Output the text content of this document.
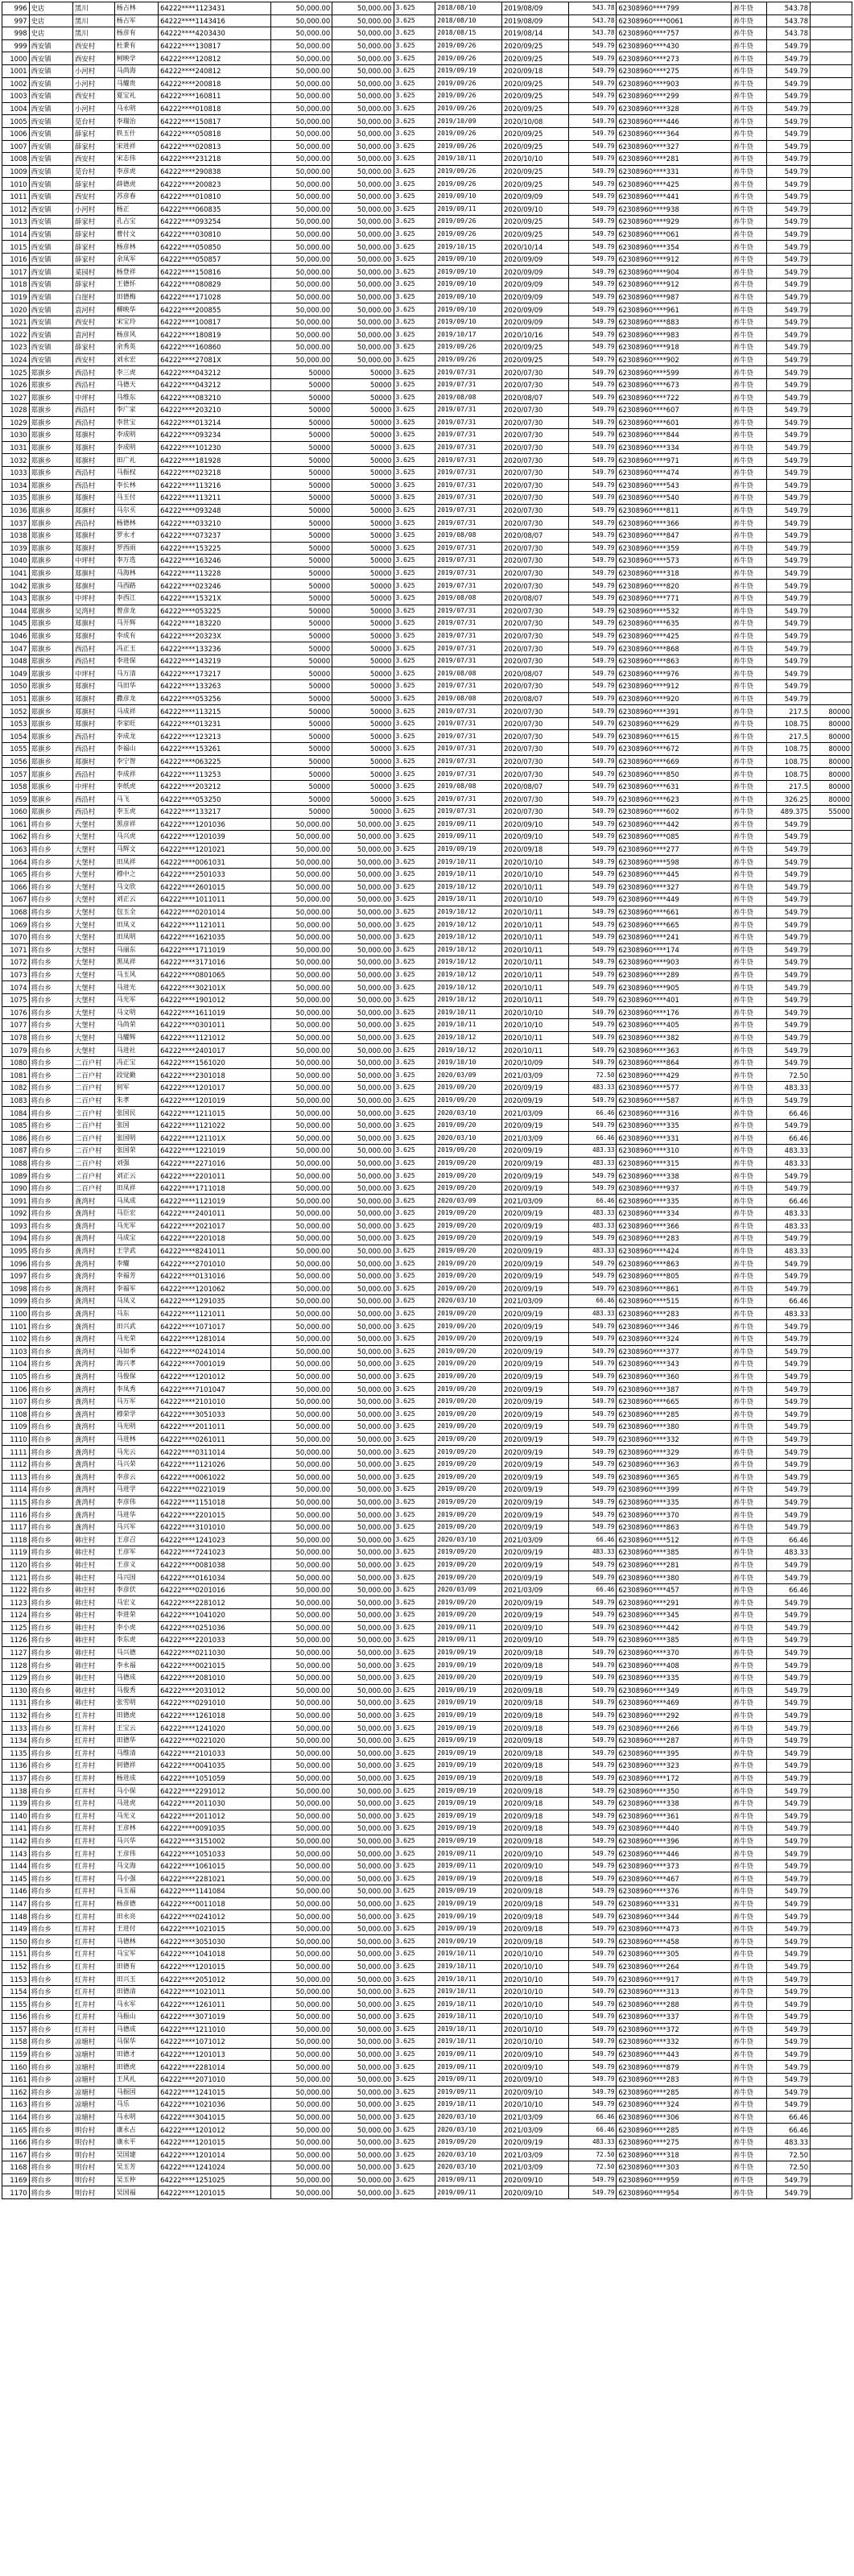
996	史店	黑川	杨占林	64222****1123431	50,000.00	50,000.00	3.625	2018/08/10	2019/08/09	543.78	62308960****799	养牛贷	543.78	
997	史店	黑川	杨占军	64222****1143416	50,000.00	50,000.00	3.625	2018/08/10	2019/08/09	543.78	62308960****0061	养牛贷	543.78	
998	史店	黑川	杨彦有	64222****4203430	50,000.00	50,000.00	3.625	2018/08/15	2019/08/14	543.78	62308960****757	养牛贷	543.78	
999	西安镇	西安村	杜秉有	64222****130817	50,000.00	50,000.00	3.625	2019/09/26	2020/09/25	549.79	62308960****430	养牛贷	549.79	
1000	西安镇	西安村	柯映学	64222****120812	50,000.00	50,000.00	3.625	2019/09/26	2020/09/25	549.79	62308960****273	养牛贷	549.79	
1001	西安镇	小河村	马尚海	64222****240812	50,000.00	50,000.00	3.625	2019/09/19	2020/09/18	549.79	62308960****275	养牛贷	549.79	
1002	西安镇	小河村	马耀贵	64222****200818	50,000.00	50,000.00	3.625	2019/09/26	2020/09/25	549.79	62308960****903	养牛贷	549.79	
1003	西安镇	西安村	夏宝礼	64222****160811	50,000.00	50,000.00	3.625	2019/09/26	2020/09/25	549.79	62308960****299	养牛贷	549.79	
1004	西安镇	小河村	马永明	64222****010818	50,000.00	50,000.00	3.625	2019/09/26	2020/09/25	549.79	62308960****328	养牛贷	549.79	
1005	西安镇	苋台村	李瑞治	64222****150817	50,000.00	50,000.00	3.625	2019/10/09	2020/10/08	549.79	62308960****446	养牛贷	549.79	
1006	西安镇	薛家村	轶玉什	64222****050818	50,000.00	50,000.00	3.625	2019/09/26	2020/09/25	549.79	62308960****364	养牛贷	549.79	
1007	西安镇	薛家村	宋进祥	64222****020813	50,000.00	50,000.00	3.625	2019/09/26	2020/09/25	549.79	62308960****327	养牛贷	549.79	
1008	西安镇	西安村	宋志伟	64222****231218	50,000.00	50,000.00	3.625	2019/10/11	2020/10/10	549.79	62308960****281	养牛贷	549.79	
1009	西安镇	苋台村	李彦虎	64222****290838	50,000.00	50,000.00	3.625	2019/09/26	2020/09/25	549.79	62308960****331	养牛贷	549.79	
1010	西安镇	薛家村	薛德虎	64222****200823	50,000.00	50,000.00	3.625	2019/09/26	2020/09/25	549.79	62308960****425	养牛贷	549.79	
1011	西安镇	西安村	苏彦春	64222****010810	50,000.00	50,000.00	3.625	2019/09/10	2020/09/09	549.79	62308960****441	养牛贷	549.79	
1012	西安镇	小河村	杨正	64222****060835	50,000.00	50,000.00	3.625	2019/09/11	2020/09/10	549.79	62308960****938	养牛贷	549.79	
1013	西安镇	薛家村	孔占宝	64222****093254	50,000.00	50,000.00	3.625	2019/09/26	2020/09/25	549.79	62308960****929	养牛贷	549.79	
1014	西安镇	薛家村	曹付文	64222****030810	50,000.00	50,000.00	3.625	2019/09/26	2020/09/25	549.79	62308960****061	养牛贷	549.79	
1015	西安镇	薛家村	杨彦林	64222****050850	50,000.00	50,000.00	3.625	2019/10/15	2020/10/14	549.79	62308960****354	养牛贷	549.79	
1016	西安镇	薛家村	余凤军	64222****050857	50,000.00	50,000.00	3.625	2019/09/10	2020/09/09	549.79	62308960****912	养牛贷	549.79	
1017	西安镇	菜园村	杨登祥	64222****150816	50,000.00	50,000.00	3.625	2019/09/10	2020/09/09	549.79	62308960****904	养牛贷	549.79	
1018	西安镇	薛家村	王德怀	64222****080829	50,000.00	50,000.00	3.625	2019/09/10	2020/09/09	549.79	62308960****912	养牛贷	549.79	
1019	西安镇	白崖村	田德梅	64222****171028	50,000.00	50,000.00	3.625	2019/09/10	2020/09/09	549.79	62308960****987	养牛贷	549.79	
1020	西安镇	袁河村	柳映华	64222****200855	50,000.00	50,000.00	3.625	2019/09/10	2020/09/09	549.79	62308960****961	养牛贷	549.79	
1021	西安镇	西安村	宋宝玲	64222****100817	50,000.00	50,000.00	3.625	2019/09/10	2020/09/09	549.79	62308960****883	养牛贷	549.79	
1022	西安镇	袁河村	杨彦风	64222****180819	50,000.00	50,000.00	3.625	2019/10/17	2020/10/16	549.79	62308960****983	养牛贷	549.79	
1023	西安镇	薛家村	余秀英	64222****160860	50,000.00	50,000.00	3.625	2019/09/26	2020/09/25	549.79	62308960****918	养牛贷	549.79	
1024	西安镇	西安村	刘永宏	64222****27081X	50,000.00	50,000.00	3.625	2019/09/26	2020/09/25	549.79	62308960****902	养牛贷	549.79	
1025	郑旗乡	西沿村	李三虎	64222****043212	50000	50000	3.625	2019/07/31	2020/07/30	549.79	62308960****599	养牛贷	549.79	
1026	郑旗乡	西沿村	马德天	64222****043212	50000	50000	3.625	2019/07/31	2020/07/30	549.79	62308960****673	养牛贷	549.79	
1027	郑旗乡	中坪村	马维东	64222****083210	50000	50000	3.625	2019/08/08	2020/08/07	549.79	62308960****722	养牛贷	549.79	
1028	郑旗乡	西沿村	李广家	64222****203210	50000	50000	3.625	2019/07/31	2020/07/30	549.79	62308960****607	养牛贷	549.79	
1029	郑旗乡	西沿村	李世宝	64222****013214	50000	50000	3.625	2019/07/31	2020/07/30	549.79	62308960****601	养牛贷	549.79	
1030	郑旗乡	郑旗村	李成明	64222****093234	50000	50000	3.625	2019/07/31	2020/07/30	549.79	62308960****844	养牛贷	549.79	
1031	郑旗乡	郑旗村	李成明	64222****101230	50000	50000	3.625	2019/07/31	2020/07/30	549.79	62308960****334	养牛贷	549.79	
1032	郑旗乡	郑旗村	田广礼	64222****181928	50000	50000	3.625	2019/07/31	2020/07/30	549.79	62308960****971	养牛贷	549.79	
1033	郑旗乡	西沿村	马振权	64222****023218	50000	50000	3.625	2019/07/31	2020/07/30	549.79	62308960****474	养牛贷	549.79	
1034	郑旗乡	西沿村	李长林	64222****113216	50000	50000	3.625	2019/07/31	2020/07/30	549.79	62308960****543	养牛贷	549.79	
1035	郑旗乡	郑旗村	马玉付	64222****113211	50000	50000	3.625	2019/07/31	2020/07/30	549.79	62308960****540	养牛贷	549.79	
1036	郑旗乡	郑旗村	马尔买	64222****093248	50000	50000	3.625	2019/07/31	2020/07/30	549.79	62308960****811	养牛贷	549.79	
1037	郑旗乡	西沿村	杨德林	64222****033210	50000	50000	3.625	2019/07/31	2020/07/30	549.79	62308960****366	养牛贷	549.79	
1038	郑旗乡	郑旗村	罗永才	64222****073237	50000	50000	3.625	2019/08/08	2020/08/07	549.79	62308960****847	养牛贷	549.79	
1039	郑旗乡	郑旗村	罗西雨	64222****153225	50000	50000	3.625	2019/07/31	2020/07/30	549.79	62308960****359	养牛贷	549.79	
1040	郑旗乡	中坪村	李万选	64222****163246	50000	50000	3.625	2019/07/31	2020/07/30	549.79	62308960****573	养牛贷	549.79	
1041	郑旗乡	郑旗村	马海林	64222****113228	50000	50000	3.625	2019/07/31	2020/07/30	549.79	62308960****318	养牛贷	549.79	
1042	郑旗乡	郑旗村	马西路	64222****023246	50000	50000	3.625	2019/07/31	2020/07/30	549.79	62308960****820	养牛贷	549.79	
1043	郑旗乡	中坪村	李西江	64222****15321X	50000	50000	3.625	2019/08/08	2020/08/07	549.79	62308960****771	养牛贷	549.79	
1044	郑旗乡	吴湾村	曾彦龙	64222****053225	50000	50000	3.625	2019/07/31	2020/07/30	549.79	62308960****532	养牛贷	549.79	
1045	郑旗乡	郑旗村	马开辉	64222****183220	50000	50000	3.625	2019/07/31	2020/07/30	549.79	62308960****635	养牛贷	549.79	
1046	郑旗乡	郑旗村	李成有	64222****20323X	50000	50000	3.625	2019/07/31	2020/07/30	549.79	62308960****425	养牛贷	549.79	
1047	郑旗乡	西沿村	冯正玉	64222****133236	50000	50000	3.625	2019/07/31	2020/07/30	549.79	62308960****868	养牛贷	549.79	
1048	郑旗乡	西沿村	李进保	64222****143219	50000	50000	3.625	2019/07/31	2020/07/30	549.79	62308960****863	养牛贷	549.79	
1049	郑旗乡	中坪村	马万清	64222****173217	50000	50000	3.625	2019/08/08	2020/08/07	549.79	62308960****976	养牛贷	549.79	
1050	郑旗乡	郑旗村	马田华	64222****133263	50000	50000	3.625	2019/07/31	2020/07/30	549.79	62308960****912	养牛贷	549.79	
1051	郑旗乡	郑旗村	撒彦龙	64222****053256	50000	50000	3.625	2019/08/08	2020/08/07	549.79	62308960****920	养牛贷	549.79	
1052	郑旗乡	郑旗村	马成祥	64222****113215	50000	50000	3.625	2019/07/31	2020/07/30	549.79	62308960****391	养牛贷	217.5	80000
1053	郑旗乡	郑旗村	李家旺	64222****013231	50000	50000	3.625	2019/07/31	2020/07/30	549.79	62308960****629	养牛贷	108.75	80000
1054	郑旗乡	西沿村	李成龙	64222****123213	50000	50000	3.625	2019/07/31	2020/07/30	549.79	62308960****615	养牛贷	217.5	80000
1055	郑旗乡	西沿村	李福山	64222****153261	50000	50000	3.625	2019/07/31	2020/07/30	549.79	62308960****672	养牛贷	108.75	80000
1056	郑旗乡	郑旗村	李宁智	64222****063225	50000	50000	3.625	2019/07/31	2020/07/30	549.79	62308960****669	养牛贷	108.75	80000
1057	郑旗乡	西沿村	李成祥	64222****113253	50000	50000	3.625	2019/07/31	2020/07/30	549.79	62308960****850	养牛贷	108.75	80000
1058	郑旗乡	中坪村	李纸虎	64222****203212	50000	50000	3.625	2019/08/08	2020/08/07	549.79	62308960****631	养牛贷	217.5	80000
1059	郑旗乡	西沿村	马飞	64222****053250	50000	50000	3.625	2019/07/31	2020/07/30	549.79	62308960****623	养牛贷	326.25	80000
1060	郑旗乡	西沿村	李玉虎	64222****133217	50000	50000	3.625	2019/07/31	2020/07/30	549.79	62308960****602	养牛贷	489.375	55000
1061	将台乡	大堡村	黑彦祥	64222****1201036	50,000.00	50,000.00	3.625	2019/09/11	2020/09/10	549.79	62308960****442	养牛贷	549.79	
1062	将台乡	大堡村	马兴虎	64222****1201039	50,000.00	50,000.00	3.625	2019/09/11	2020/09/10	549.79	62308960****085	养牛贷	549.79	
1063	将台乡	大堡村	马辉文	64222****1201021	50,000.00	50,000.00	3.625	2019/09/19	2020/09/18	549.79	62308960****277	养牛贷	549.79	
1064	将台乡	大堡村	田凤祥	64222****0061031	50,000.00	50,000.00	3.625	2019/10/11	2020/10/10	549.79	62308960****598	养牛贷	549.79	
1065	将台乡	大堡村	穆中之	64222****2501033	50,000.00	50,000.00	3.625	2019/10/11	2020/10/10	549.79	62308960****445	养牛贷	549.79	
1066	将台乡	大堡村	马文欣	64222****2601015	50,000.00	50,000.00	3.625	2019/10/12	2020/10/11	549.79	62308960****327	养牛贷	549.79	
1067	将台乡	大堡村	刘正云	64222****1011011	50,000.00	50,000.00	3.625	2019/10/11	2020/10/10	549.79	62308960****449	养牛贷	549.79	
1068	将台乡	大堡村	包玉全	64222****0201014	50,000.00	50,000.00	3.625	2019/10/12	2020/10/11	549.79	62308960****661	养牛贷	549.79	
1069	将台乡	大堡村	田凤义	64222****1121011	50,000.00	50,000.00	3.625	2019/10/12	2020/10/11	549.79	62308960****665	养牛贷	549.79	
1070	将台乡	大堡村	田凤明	64222****1621035	50,000.00	50,000.00	3.625	2019/10/12	2020/10/11	549.79	62308960****241	养牛贷	549.79	
1071	将台乡	大堡村	马丽东	64222****1711019	50,000.00	50,000.00	3.625	2019/10/12	2020/10/11	549.79	62308960****174	养牛贷	549.79	
1072	将台乡	大堡村	黑凤祥	64222****3171016	50,000.00	50,000.00	3.625	2019/10/12	2020/10/11	549.79	62308960****903	养牛贷	549.79	
1073	将台乡	大堡村	马玉风	64222****0801065	50,000.00	50,000.00	3.625	2019/10/12	2020/10/11	549.79	62308960****289	养牛贷	549.79	
1074	将台乡	大堡村	马进光	64222****302101X	50,000.00	50,000.00	3.625	2019/10/12	2020/10/11	549.79	62308960****905	养牛贷	549.79	
1075	将台乡	大堡村	马光军	64222****1901012	50,000.00	50,000.00	3.625	2019/10/12	2020/10/11	549.79	62308960****401	养牛贷	549.79	
1076	将台乡	大堡村	马文明	64222****1611019	50,000.00	50,000.00	3.625	2019/10/11	2020/10/10	549.79	62308960****176	养牛贷	549.79	
1077	将台乡	大堡村	马尚荣	64222****0301011	50,000.00	50,000.00	3.625	2019/10/11	2020/10/10	549.79	62308960****405	养牛贷	549.79	
1078	将台乡	大堡村	马耀辉	64222****1121012	50,000.00	50,000.00	3.625	2019/10/12	2020/10/11	549.79	62308960****382	养牛贷	549.79	
1079	将台乡	大堡村	马进社	64222****2401017	50,000.00	50,000.00	3.625	2019/10/12	2020/10/11	549.79	62308960****363	养牛贷	549.79	
1080	将台乡	二百户村	冯正宝	64222****1561020	50,000.00	50,000.00	3.625	2019/10/10	2020/10/09	549.79	62308960****864	养牛贷	549.79	
1081	将台乡	二百户村	段觉勤	64222****2301018	50,000.00	50,000.00	3.625	2020/03/09	2021/03/09	72.50	62308960****429	养牛贷	72.50	
1082	将台乡	二百户村	何军	64222****1201017	50,000.00	50,000.00	3.625	2019/09/20	2020/09/19	483.33	62308960****577	养牛贷	483.33	
1083	将台乡	二百户村	朱孝	64222****1201019	50,000.00	50,000.00	3.625	2019/09/20	2020/09/19	549.79	62308960****587	养牛贷	549.79	
1084	将台乡	二百户村	张国民	64222****1211015	50,000.00	50,000.00	3.625	2020/03/10	2021/03/09	66.46	62308960****316	养牛贷	66.46	
1085	将台乡	二百户村	张国	64222****1121022	50,000.00	50,000.00	3.625	2019/09/20	2020/09/19	549.79	62308960****335	养牛贷	549.79	
1086	将台乡	二百户村	张国明	64222****121101X	50,000.00	50,000.00	3.625	2020/03/10	2021/03/09	66.46	62308960****331	养牛贷	66.46	
1087	将台乡	二百户村	张国荣	64222****1221019	50,000.00	50,000.00	3.625	2019/09/20	2020/09/19	483.33	62308960****310	养牛贷	483.33	
1088	将台乡	二百户村	刘强	64222****2271016	50,000.00	50,000.00	3.625	2019/09/20	2020/09/19	483.33	62308960****315	养牛贷	483.33	
1089	将台乡	二百户村	刘正云	64222****2201011	50,000.00	50,000.00	3.625	2019/09/20	2020/09/19	549.79	62308960****338	养牛贷	549.79	
1090	将台乡	二百户村	田凤祥	64222****1711018	50,000.00	50,000.00	3.625	2019/09/20	2020/09/19	549.79	62308960****937	养牛贷	549.79	
1091	将台乡	龚湾村	马凤成	64222****1121019	50,000.00	50,000.00	3.625	2020/03/09	2021/03/09	66.46	62308960****335	养牛贷	66.46	
1092	将台乡	龚湾村	马臣宏	64222****2401011	50,000.00	50,000.00	3.625	2019/09/20	2020/09/19	483.33	62308960****334	养牛贷	483.33	
1093	将台乡	龚湾村	马光军	64222****2021017	50,000.00	50,000.00	3.625	2019/09/20	2020/09/19	483.33	62308960****366	养牛贷	483.33	
1094	将台乡	龚湾村	马成宝	64222****2201018	50,000.00	50,000.00	3.625	2019/09/20	2020/09/19	549.79	62308960****283	养牛贷	549.79	
1095	将台乡	龚湾村	王学武	64222****8241011	50,000.00	50,000.00	3.625	2019/09/20	2020/09/19	483.33	62308960****424	养牛贷	483.33	
1096	将台乡	龚湾村	李耀	64222****2701010	50,000.00	50,000.00	3.625	2019/09/20	2020/09/19	549.79	62308960****863	养牛贷	549.79	
1097	将台乡	龚湾村	李福芳	64222****0131016	50,000.00	50,000.00	3.625	2019/09/20	2020/09/19	549.79	62308960****805	养牛贷	549.79	
1098	将台乡	龚湾村	李福军	64222****1201062	50,000.00	50,000.00	3.625	2019/09/20	2020/09/19	549.79	62308960****861	养牛贷	549.79	
1099	将台乡	龚湾村	马凤义	64222****1291035	50,000.00	50,000.00	3.625	2020/03/10	2021/03/09	66.46	62308960****515	养牛贷	66.46	
1100	将台乡	龚湾村	马东	64222****1121011	50,000.00	50,000.00	3.625	2019/09/20	2020/09/19	483.33	62308960****283	养牛贷	483.33	
1101	将台乡	龚湾村	田兴武	64222****1071017	50,000.00	50,000.00	3.625	2019/09/20	2020/09/19	549.79	62308960****346	养牛贷	549.79	
1102	将台乡	龚湾村	马光荣	64222****1281014	50,000.00	50,000.00	3.625	2019/09/20	2020/09/19	549.79	62308960****324	养牛贷	549.79	
1103	将台乡	龚湾村	马如季	64222****0241014	50,000.00	50,000.00	3.625	2019/09/20	2020/09/19	549.79	62308960****377	养牛贷	549.79	
1104	将台乡	龚湾村	海兴孝	64222****7001019	50,000.00	50,000.00	3.625	2019/09/20	2020/09/19	549.79	62308960****343	养牛贷	549.79	
1105	将台乡	龚湾村	马俊保	64222****1201012	50,000.00	50,000.00	3.625	2019/09/20	2020/09/19	549.79	62308960****360	养牛贷	549.79	
1106	将台乡	龚湾村	李凤秀	64222****7101047	50,000.00	50,000.00	3.625	2019/09/20	2020/09/19	549.79	62308960****387	养牛贷	549.79	
1107	将台乡	龚湾村	马万军	64222****2101010	50,000.00	50,000.00	3.625	2019/09/20	2020/09/19	549.79	62308960****665	养牛贷	549.79	
1108	将台乡	龚湾村	穆荣学	64222****3051033	50,000.00	50,000.00	3.625	2019/09/20	2020/09/19	549.79	62308960****285	养牛贷	549.79	
1109	将台乡	龚湾村	马光明	64222****2011011	50,000.00	50,000.00	3.625	2019/09/20	2020/09/19	549.79	62308960****380	养牛贷	549.79	
1110	将台乡	龚湾村	马进林	64222****0261011	50,000.00	50,000.00	3.625	2019/09/20	2020/09/19	549.79	62308960****332	养牛贷	549.79	
1111	将台乡	龚湾村	马光云	64222****0311014	50,000.00	50,000.00	3.625	2019/09/20	2020/09/19	549.79	62308960****329	养牛贷	549.79	
1112	将台乡	龚湾村	马兴荣	64222****1121026	50,000.00	50,000.00	3.625	2019/09/20	2020/09/19	549.79	62308960****363	养牛贷	549.79	
1113	将台乡	龚湾村	李彦云	64222****0061022	50,000.00	50,000.00	3.625	2019/09/20	2020/09/19	549.79	62308960****365	养牛贷	549.79	
1114	将台乡	龚湾村	马进学	64222****0221019	50,000.00	50,000.00	3.625	2019/09/20	2020/09/19	549.79	62308960****399	养牛贷	549.79	
1115	将台乡	龚湾村	李彦伟	64222****1151018	50,000.00	50,000.00	3.625	2019/09/20	2020/09/19	549.79	62308960****335	养牛贷	549.79	
1116	将台乡	龚湾村	马进华	64222****2201015	50,000.00	50,000.00	3.625	2019/09/20	2020/09/19	549.79	62308960****370	养牛贷	549.79	
1117	将台乡	龚湾村	马兴军	64222****3101010	50,000.00	50,000.00	3.625	2019/09/20	2020/09/19	549.79	62308960****863	养牛贷	549.79	
1118	将台乡	韩庄村	王彦召	64222****1241023	50,000.00	50,000.00	3.625	2020/03/10	2021/03/09	66.46	62308960****512	养牛贷	66.46	
1119	将台乡	韩庄村	王彦军	64222****7241023	50,000.00	50,000.00	3.625	2019/09/20	2020/09/19	483.33	62308960****385	养牛贷	483.33	
1120	将台乡	韩庄村	王彦义	64222****0081038	50,000.00	50,000.00	3.625	2019/09/20	2020/09/19	549.79	62308960****281	养牛贷	549.79	
1121	将台乡	韩庄村	马兴国	64222****0161034	50,000.00	50,000.00	3.625	2019/09/20	2020/09/19	549.79	62308960****380	养牛贷	549.79	
1122	将台乡	韩庄村	李彦伏	64222****0201016	50,000.00	50,000.00	3.625	2020/03/09	2021/03/09	66.46	62308960****457	养牛贷	66.46	
1123	将台乡	韩庄村	马宏义	64222****2281012	50,000.00	50,000.00	3.625	2019/09/20	2020/09/19	549.79	62308960****291	养牛贷	549.79	
1124	将台乡	韩庄村	李进荣	64222****1041020	50,000.00	50,000.00	3.625	2019/09/20	2020/09/19	549.79	62308960****345	养牛贷	549.79	
1125	将台乡	韩庄村	李小虎	64222****0251036	50,000.00	50,000.00	3.625	2019/09/11	2020/09/10	549.79	62308960****442	养牛贷	549.79	
1126	将台乡	韩庄村	李东虎	64222****2201033	50,000.00	50,000.00	3.625	2019/09/11	2020/09/10	549.79	62308960****385	养牛贷	549.79	
1127	将台乡	韩庄村	马兴德	64222****0211030	50,000.00	50,000.00	3.625	2019/09/19	2020/09/18	549.79	62308960****370	养牛贷	549.79	
1128	将台乡	韩庄村	李永福	64222****0021015	50,000.00	50,000.00	3.625	2019/09/19	2020/09/18	549.79	62308960****408	养牛贷	549.79	
1129	将台乡	韩庄村	马德成	64222****2081010	50,000.00	50,000.00	3.625	2019/09/20	2020/09/19	549.79	62308960****335	养牛贷	549.79	
1130	将台乡	韩庄村	马俊秀	64222****2031012	50,000.00	50,000.00	3.625	2019/09/19	2020/09/18	549.79	62308960****349	养牛贷	549.79	
1131	将台乡	韩庄村	张雪明	64222****0291010	50,000.00	50,000.00	3.625	2019/09/19	2020/09/18	549.79	62308960****469	养牛贷	549.79	
1132	将台乡	红井村	田德虎	64222****1261018	50,000.00	50,000.00	3.625	2019/09/19	2020/09/18	549.79	62308960****292	养牛贷	549.79	
1133	将台乡	红井村	王宝云	64222****1241020	50,000.00	50,000.00	3.625	2019/09/19	2020/09/18	549.79	62308960****266	养牛贷	549.79	
1134	将台乡	红井村	田德华	64222****0221020	50,000.00	50,000.00	3.625	2019/09/19	2020/09/18	549.79	62308960****287	养牛贷	549.79	
1135	将台乡	红井村	马维清	64222****2101033	50,000.00	50,000.00	3.625	2019/09/19	2020/09/18	549.79	62308960****395	养牛贷	549.79	
1136	将台乡	红井村	何德祥	64222****0041035	50,000.00	50,000.00	3.625	2019/09/19	2020/09/18	549.79	62308960****323	养牛贷	549.79	
1137	将台乡	红井村	杨进成	64222****1051059	50,000.00	50,000.00	3.625	2019/09/19	2020/09/18	549.79	62308960****172	养牛贷	549.79	
1138	将台乡	红井村	马小保	64222****2291012	50,000.00	50,000.00	3.625	2019/09/19	2020/09/18	549.79	62308960****350	养牛贷	549.79	
1139	将台乡	红井村	马进虎	64222****2011030	50,000.00	50,000.00	3.625	2019/09/19	2020/09/18	549.79	62308960****338	养牛贷	549.79	
1140	将台乡	红井村	马光义	64222****2011012	50,000.00	50,000.00	3.625	2019/09/19	2020/09/18	549.79	62308960****361	养牛贷	549.79	
1141	将台乡	红井村	王彦林	64222****0091035	50,000.00	50,000.00	3.625	2019/09/19	2020/09/18	549.79	62308960****440	养牛贷	549.79	
1142	将台乡	红井村	马兴华	64222****3151002	50,000.00	50,000.00	3.625	2019/09/19	2020/09/18	549.79	62308960****396	养牛贷	549.79	
1143	将台乡	红井村	王彦伟	64222****1051033	50,000.00	50,000.00	3.625	2019/09/11	2020/09/10	549.79	62308960****446	养牛贷	549.79	
1144	将台乡	红井村	马文海	64222****1061015	50,000.00	50,000.00	3.625	2019/09/11	2020/09/10	549.79	62308960****373	养牛贷	549.79	
1145	将台乡	红井村	马小强	64222****2281021	50,000.00	50,000.00	3.625	2019/09/19	2020/09/18	549.79	62308960****467	养牛贷	549.79	
1146	将台乡	红井村	马玉福	64222****1141084	50,000.00	50,000.00	3.625	2019/09/19	2020/09/18	549.79	62308960****376	养牛贷	549.79	
1147	将台乡	红井村	杨彦德	64222****0011018	50,000.00	50,000.00	3.625	2019/09/19	2020/09/18	549.79	62308960****331	养牛贷	549.79	
1148	将台乡	红井村	田永亮	64222****0241012	50,000.00	50,000.00	3.625	2019/09/19	2020/09/18	549.79	62308960****344	养牛贷	549.79	
1149	将台乡	红井村	王进付	64222****1021015	50,000.00	50,000.00	3.625	2019/09/19	2020/09/18	549.79	62308960****473	养牛贷	549.79	
1150	将台乡	红井村	马德林	64222****3051030	50,000.00	50,000.00	3.625	2019/09/19	2020/09/18	549.79	62308960****458	养牛贷	549.79	
1151	将台乡	红井村	马宝军	64222****1041018	50,000.00	50,000.00	3.625	2019/10/11	2020/10/10	549.79	62308960****305	养牛贷	549.79	
1152	将台乡	红井村	田德有	64222****1201015	50,000.00	50,000.00	3.625	2019/10/11	2020/10/10	549.79	62308960****264	养牛贷	549.79	
1153	将台乡	红井村	田兴玉	64222****2051012	50,000.00	50,000.00	3.625	2019/10/11	2020/10/10	549.79	62308960****917	养牛贷	549.79	
1154	将台乡	红井村	田德清	64222****1021011	50,000.00	50,000.00	3.625	2019/10/11	2020/10/10	549.79	62308960****313	养牛贷	549.79	
1155	将台乡	红井村	马永军	64222****1261011	50,000.00	50,000.00	3.625	2019/10/11	2020/10/10	549.79	62308960****288	养牛贷	549.79	
1156	将台乡	红井村	马振山	64222****3071019	50,000.00	50,000.00	3.625	2019/10/11	2020/10/10	549.79	62308960****337	养牛贷	549.79	
1157	将台乡	红井村	马德成	64222****1211010	50,000.00	50,000.00	3.625	2019/10/11	2020/10/10	549.79	62308960****372	养牛贷	549.79	
1158	将台乡	凉塘村	马保华	64222****1071012	50,000.00	50,000.00	3.625	2019/10/11	2020/10/10	549.79	62308960****332	养牛贷	549.79	
1159	将台乡	凉塘村	田德才	64222****1201013	50,000.00	50,000.00	3.625	2019/09/11	2020/09/10	549.79	62308960****443	养牛贷	549.79	
1160	将台乡	凉塘村	田德虎	64222****2281014	50,000.00	50,000.00	3.625	2019/09/11	2020/09/10	549.79	62308960****879	养牛贷	549.79	
1161	将台乡	凉塘村	王风礼	64222****2071010	50,000.00	50,000.00	3.625	2019/09/11	2020/09/10	549.79	62308960****283	养牛贷	549.79	
1162	将台乡	凉塘村	马振国	64222****1241015	50,000.00	50,000.00	3.625	2019/09/11	2020/09/10	549.79	62308960****285	养牛贷	549.79	
1163	将台乡	凉塘村	马乐	64222****1021036	50,000.00	50,000.00	3.625	2019/10/11	2020/10/10	549.79	62308960****324	养牛贷	549.79	
1164	将台乡	凉塘村	马永明	64222****3041015	50,000.00	50,000.00	3.625	2020/03/10	2021/03/09	66.46	62308960****306	养牛贷	66.46	
1165	将台乡	明台村	康永占	64222****1201012	50,000.00	50,000.00	3.625	2020/03/10	2021/03/09	66.46	62308960****285	养牛贷	66.46	
1166	将台乡	明台村	康永平	64222****1201015	50,000.00	50,000.00	3.625	2019/09/20	2020/09/19	483.33	62308960****275	养牛贷	483.33	
1167	将台乡	明台村	吴国建	64222****1201014	50,000.00	50,000.00	3.625	2020/03/10	2021/03/09	72.50	62308960****318	养牛贷	72.50	
1168	将台乡	明台村	吴玉芳	64222****1241024	50,000.00	50,000.00	3.625	2020/03/10	2021/03/09	72.50	62308960****303	养牛贷	72.50	
1169	将台乡	明台村	吴玉仲	64222****1251025	50,000.00	50,000.00	3.625	2019/09/11	2020/09/10	549.79	62308960****959	养牛贷	549.79	
1170	将台乡	明台村	吴国福	64222****1201015	50,000.00	50,000.00	3.625	2019/09/11	2020/09/10	549.79	62308960****954	养牛贷	549.79	
